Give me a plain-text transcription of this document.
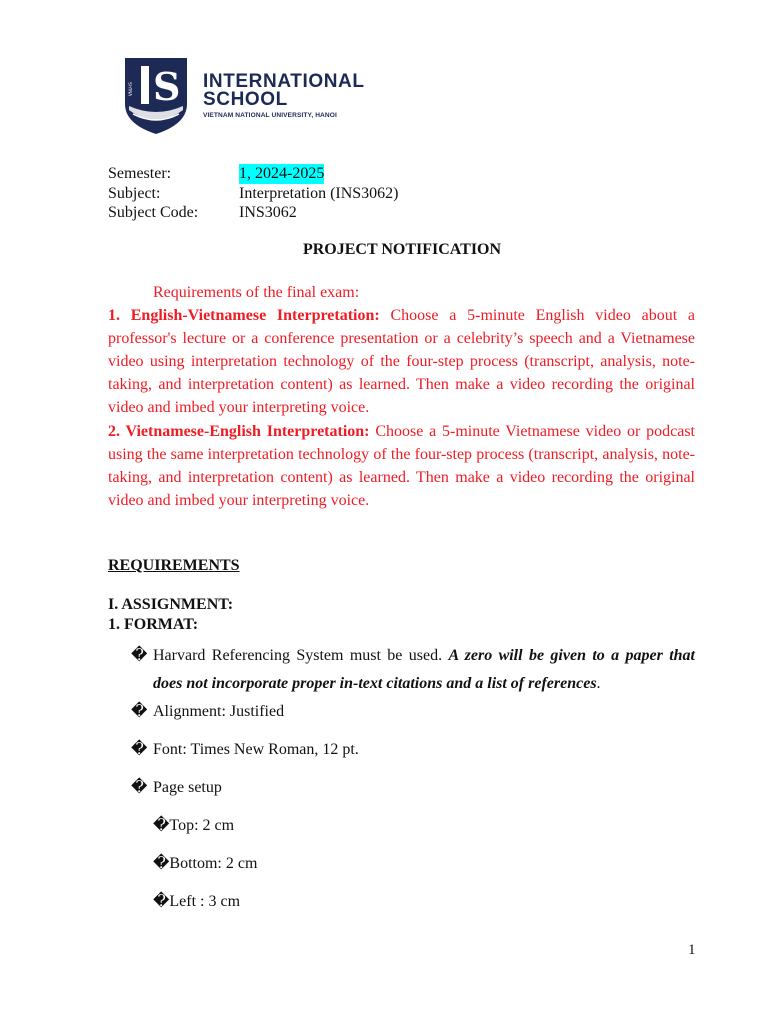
S
VNU-IS	INTERNATIONAL
SCHOOL
VIETNAM NATIONAL UNIVERSITY, HANOI
Semester:	1, 2024-2025
Subject:	Interpretation (INS3062)
Subject Code:	INS3062
PROJECT NOTIFICATION
Requirements of the final exam:
1. English-Vietnamese Interpretation: Choose a 5-minute English video about a professor's lecture or a conference presentation or a celebrity’s speech and a Vietnamese video using interpretation technology of the four-step process (transcript, analysis, note-taking, and interpretation content) as learned. Then make a video recording the original video and imbed your interpreting voice.
2. Vietnamese-English Interpretation: Choose a 5-minute Vietnamese video or podcast using the same interpretation technology of the four-step process (transcript, analysis, note-taking, and interpretation content) as learned. Then make a video recording the original video and imbed your interpreting voice.
REQUIREMENTS
I. ASSIGNMENT:
1. FORMAT:
� Harvard Referencing System must be used. A zero will be given to a paper that does not incorporate proper in-text citations and a list of references.
� Alignment: Justified
� Font: Times New Roman, 12 pt.
� Page setup
�Top: 2 cm
�Bottom: 2 cm
�Left : 3 cm
1
